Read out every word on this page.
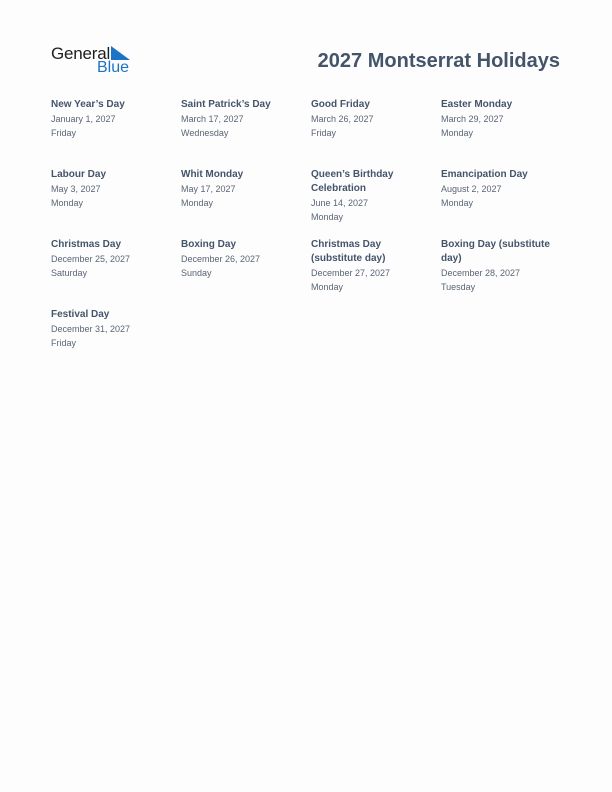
General
Blue	2027 Montserrat Holidays
New Year’s Day
January 1, 2027
Friday
Saint Patrick’s Day
March 17, 2027
Wednesday
Good Friday
March 26, 2027
Friday
Easter Monday
March 29, 2027
Monday
Labour Day
May 3, 2027
Monday
Whit Monday
May 17, 2027
Monday
Queen’s Birthday Celebration
June 14, 2027
Monday
Emancipation Day
August 2, 2027
Monday
Christmas Day
December 25, 2027
Saturday
Boxing Day
December 26, 2027
Sunday
Christmas Day (substitute day)
December 27, 2027
Monday
Boxing Day (substitute day)
December 28, 2027
Tuesday
Festival Day
December 31, 2027
Friday
